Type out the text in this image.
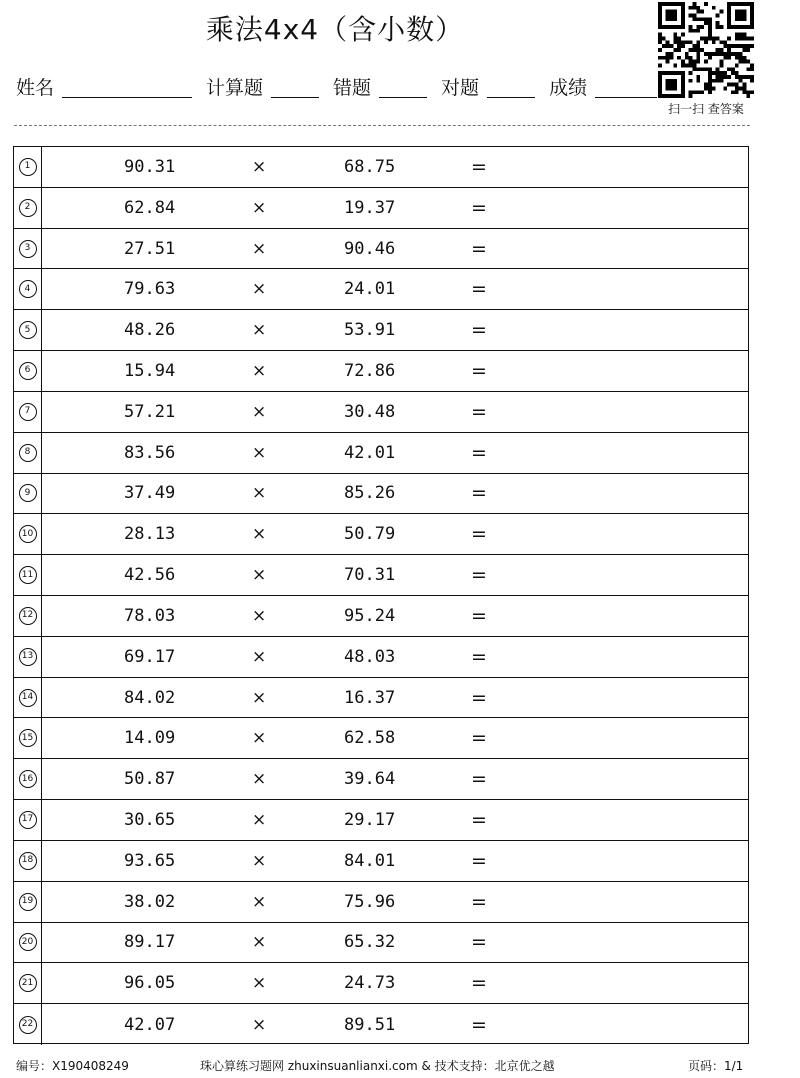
乘法4x4（含小数）
姓名	计算题	错题	对题	成绩
扫一扫 查答案
1	90.31	×	68.75	=
2	62.84	×	19.37	=
3	27.51	×	90.46	=
4	79.63	×	24.01	=
5	48.26	×	53.91	=
6	15.94	×	72.86	=
7	57.21	×	30.48	=
8	83.56	×	42.01	=
9	37.49	×	85.26	=
10	28.13	×	50.79	=
11	42.56	×	70.31	=
12	78.03	×	95.24	=
13	69.17	×	48.03	=
14	84.02	×	16.37	=
15	14.09	×	62.58	=
16	50.87	×	39.64	=
17	30.65	×	29.17	=
18	93.65	×	84.01	=
19	38.02	×	75.96	=
20	89.17	×	65.32	=
21	96.05	×	24.73	=
22	42.07	×	89.51	=
编号：X190408249	珠心算练习题网 zhuxinsuanlianxi.com & 技术支持：北京优之越	页码：1/1
